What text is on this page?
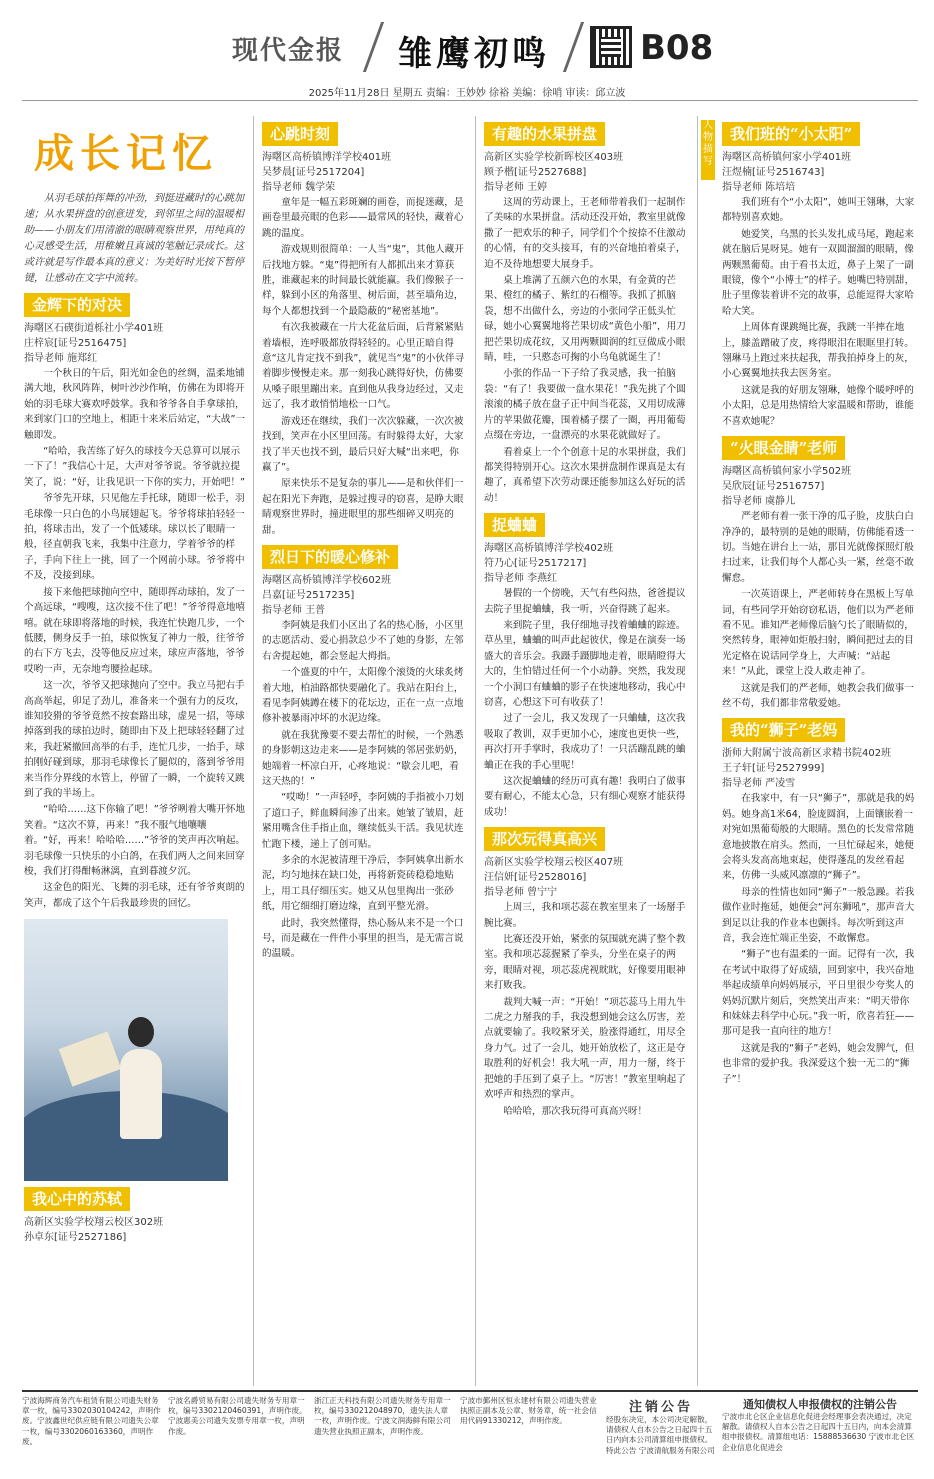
现代金报 雏鹰初鸣	B08
2025年11月28日 星期五 责编：王妙妙 徐裕 美编：徐哨 审读：邱立波
成长记忆
从羽毛球拍挥舞的冲劲，到挺进藏时的心跳加速；从水果拼盘的创意迸发，到邻里之间的温暖相助——小朋友们用清澈的眼睛观察世界，用纯真的心灵感受生活，用稚嫩且真诚的笔触记录成长。这或许就是写作最本真的意义：为美好时光按下暂停键，让感动在文字中流转。
金辉下的对决
海曙区石碶街道栎社小学401班
庄梓宸[证号2516475]
指导老师 施郑红

一个秋日的午后，阳光如金色的丝绸，温柔地铺满大地，秋风阵阵，树叶沙沙作响，仿佛在为即将开始的羽毛球大赛欢呼鼓掌。我和爷爷各自手拿球拍，来到家门口的空地上，相距十来米后站定，“大战”一触即发。

“哈哈，我苦练了好久的球技今天总算可以展示一下了！”我信心十足，大声对爷爷说。爷爷就拉提笑了，说：“好，让我见识一下你的实力，开始吧！”

爷爷先开球，只见他左手托球，随即一松手，羽毛球像一只白色的小鸟展翅起飞。爷爷将球拍轻轻一拍，将球击出，发了一个低矮球。球以长了眼睛一般，径直朝我飞来，我集中注意力，学着爷爷的样子，手向下往上一挑，回了一个网前小球。爷爷将中不及，没接到球。

接下来他把球抛向空中，随即挥动球拍，发了一个高远球，“嗖嗖，这次接不住了吧！”爷爷得意地嘻嘻。就在球即将落地的时候，我连忙快跑几步，一个低腰，侧身反手一拍，球似恢复了神力一般，往爷爷的右下方飞去，没等他反应过来，球应声落地，爷爷哎哟一声，无奈地弯腰捡起球。

这一次，爷爷又把球抛向了空中。我立马把右手高高举起，卯足了劲儿，准备来一个强有力的反攻，谁知狡猾的爷爷竟然不按套路出球，虚晃一招，等球掉落到我的球拍边时，随即由下及上把球轻轻翻了过来，我赶紧撤回高举的右手，连忙几步，一抬手，球拍刚好碰到球，那羽毛球像长了腿似的，落到爷爷用来当作分界线的水管上，停留了一瞬，一个旋转又跳到了我的半场上。

“哈哈……这下你输了吧！”爷爷咧着大嘴开怀地笑着。“这次不算，再来！”我不服气地嚷嚷着。“好，再来！哈哈哈……”爷爷的笑声再次响起。羽毛球像一只快乐的小白鸽，在我们两人之间来回穿梭，我们打得酣畅淋漓，直到暮渡夕沉。

这金色的阳光、飞舞的羽毛球，还有爷爷爽朗的笑声，都成了这个午后我最珍贵的回忆。

我心中的苏轼
高新区实验学校翔云校区302班
孙卓东[证号2527186]
心跳时刻
海曙区高桥镇博洋学校401班
吴梦晨[证号2517204]
指导老师 魏学荣

童年是一幅五彩斑斓的画卷，而捉迷藏，是画卷里最亮眼的色彩——最常风的轻快，藏着心跳的温度。

游戏规则很简单：一人当“鬼”，其他人藏开后找地方躲。“鬼”得把所有人都抓出来才算获胜，谁藏起来的时间最长就能赢。我们像猴子一样，躲到小区的角落里、树后面，甚至墙角边，每个人都想找到一个最隐蔽的“秘密基地”。

有次我被藏在一片大花盆后面，后背紧紧贴着墙根，连呼吸都放得轻轻的。心里正暗自得意“这儿肯定找不到我”，就见当“鬼”的小伙伴寻着脚步慢慢走来。那一刻我心跳得好快，仿佛要从嗓子眼里蹦出来。直到他从我身边经过，又走远了，我才敢悄悄地松一口气。

游戏还在继续，我们一次次躲藏，一次次被找到，笑声在小区里回荡。有时躲得太好，大家找了半天也找不到，最后只好大喊“出来吧，你赢了”。

原来快乐不是复杂的事儿——是和伙伴们一起在阳光下奔跑，是躲过搜寻的窃喜，是睁大眼睛观察世界时，撞进眼里的那些细碎又明亮的甜。

烈日下的暖心修补
海曙区高桥镇博洋学校602班
吕嘉[证号2517235]
指导老师 王普

李阿姨是我们小区出了名的热心肠，小区里的志愿活动、爱心捐款总少不了她的身影，左邻右舍提起她，都会竖起大拇指。

一个盛夏的中午，太阳像个滚烫的火球炙烤着大地，柏油路都快要融化了。我站在阳台上，看见李阿姨蹲在楼下的花坛边，正在一点一点地修补被暴雨冲坏的水泥边缘。

就在我犹豫要不要去帮忙的时候，一个熟悉的身影朝这边走来——是李阿姨的邻居张奶奶，她端着一杯凉白开，心疼地说：“歇会儿吧，看这天热的！”

“哎呦！”一声轻呼，李阿姨的手指被小刀划了道口子，鲜血瞬间渗了出来。她皱了皱眉，赶紧用嘴含住手指止血，继续低头干活。我见状连忙跑下楼，递上了创可贴。

多余的水泥被清理干净后，李阿姨拿出新水泥，均匀地抹在缺口处，再将新瓷砖稳稳地贴上，用工具仔细压实。她又从包里掏出一张砂纸，用它细细打磨边缘，直到平整光滑。

此时，我突然懂得，热心肠从来不是一个口号，而是藏在一件件小事里的担当，是无需言说的温暖。

有趣的水果拼盘
高新区实验学校新晖校区403班
顾予楷[证号2527688]
指导老师 王婷

这周的劳动课上，王老师带着我们一起制作了美味的水果拼盘。活动还没开始，教室里就像撒了一把欢乐的种子，同学们个个按捺不住激动的心情，有的交头接耳，有的兴奋地拍着桌子，迫不及待地想要大展身手。

桌上堆满了五颜六色的水果，有金黄的芒果、橙红的橘子、紫红的石榴等。我抓了抓脑袋，想不出做什么，旁边的小张同学正低头忙碌，她小心翼翼地将芒果切成“黄色小船”，用刀把芒果切成花纹，又用两颗圆润的红豆做成小眼睛，哇，一只憨态可掬的小乌龟就诞生了！

小张的作品一下子给了我灵感，我一拍脑袋：“有了！我要做一盘水果花！”我先挑了个圆滚滚的橘子放在盘子正中间当花蕊，又用切成薄片的苹果做花瓣，围着橘子摆了一圈，再用葡萄点缀在旁边，一盘漂亮的水果花就做好了。

看着桌上一个个创意十足的水果拼盘，我们都笑得特别开心。这次水果拼盘制作课真是太有趣了，真希望下次劳动课还能参加这么好玩的活动！

捉蛐蛐
海曙区高桥镇博洋学校402班
符乃心[证号2517217]
指导老师 李燕红

暑假的一个傍晚，天气有些闷热，爸爸提议去院子里捉蛐蛐，我一听，兴奋得跳了起来。

来到院子里，我仔细地寻找着蛐蛐的踪迹。草丛里，蛐蛐的叫声此起彼伏，像是在演奏一场盛大的音乐会。我蹑手蹑脚地走着，眼睛瞪得大大的，生怕错过任何一个小动静。突然，我发现一个小洞口有蛐蛐的影子在快速地移动，我心中窃喜，心想这下可有收获了！

过了一会儿，我又发现了一只蛐蛐，这次我吸取了教训，双手更加小心，速度也更快一些，再次打开手掌时，我成功了！一只活蹦乱跳的蛐蛐正在我的手心里呢！

这次捉蛐蛐的经历可真有趣！我明白了做事要有耐心，不能太心急，只有细心观察才能获得成功！

那次玩得真高兴
高新区实验学校翔云校区407班
汪信妍[证号2528016]
指导老师 曾宁宁

上周三，我和项芯蕊在教室里来了一场掰手腕比赛。

比赛还没开始，紧张的氛围就充满了整个教室。我和项芯蕊握紧了拳头，分坐在桌子的两旁，眼睛对视，项芯蕊虎视眈眈，好像要用眼神来打败我。

裁判大喊一声：“开始！”项芯蕊马上用九牛二虎之力掰我的手，我没想到她会这么厉害，差点就要输了。我咬紧牙关，脸涨得通红，用尽全身力气。过了一会儿，她开始放松了，这正是夺取胜利的好机会！我大吼一声，用力一掰，终于把她的手压到了桌子上。“厉害！”教室里响起了欢呼声和热烈的掌声。

哈哈哈，那次我玩得可真高兴呀！

人物描写
我们班的“小太阳”
海曙区高桥镇何家小学401班
汪煜楠[证号2516743]
指导老师 陈培培

我们班有个“小太阳”，她叫王翎琳，大家都特别喜欢她。

她爱笑，乌黑的长头发扎成马尾，跑起来就在脑后晃呀晃。她有一双圆溜溜的眼睛，像两颗黑葡萄。由于看书太近，鼻子上架了一副眼镜，像个“小博士”的样子。她嘴巴特别甜，肚子里像装着讲不完的故事，总能逗得大家哈哈大笑。

上周体育课跳绳比赛，我跳一半摔在地上，膝盖蹭破了皮，疼得眼泪在眼眶里打转。翎琳马上跑过来扶起我，帮我拍掉身上的灰，小心翼翼地扶我去医务室。

这就是我的好朋友翎琳，她像个暖呼呼的小太阳，总是用热情给大家温暖和帮助，谁能不喜欢她呢？

“火眼金睛”老师
海曙区高桥镇何家小学502班
吴欣辰[证号2516757]
指导老师 虞静儿

严老师有着一张干净的瓜子脸，皮肤白白净净的，最特别的是她的眼睛，仿佛能看透一切。当她在讲台上一站，那目光就像探照灯般扫过来，让我们每个人都心头一紧，丝毫不敢懈怠。

一次英语课上，严老师转身在黑板上写单词，有些同学开始窃窃私语，他们以为严老师看不见。谁知严老师像后脑勺长了眼睛似的，突然转身，眼神如炬般扫射，瞬间把过去的目光定格在说话同学身上，大声喊：“站起来！”从此，课堂上没人敢走神了。

这就是我们的严老师，她教会我们做事一丝不苟，我们都非常敬爱她。

我的“狮子”老妈
浙师大附属宁波高新区求精书院402班
王子轩[证号2527999]
指导老师 严凌雪

在我家中，有一只“狮子”，那就是我的妈妈。她身高1米64，脸庞圆润，上面镶嵌着一对宛如黑葡萄般的大眼睛。黑色的长发常常随意地披散在肩头。然而，一旦忙碌起来，她便会将头发高高地束起，使得蓬乱的发丝看起来，仿佛一头威风凛凛的“狮子”。

母亲的性情也如同“狮子”一般急躁。若我做作业时拖延，她便会“河东狮吼”，那声音大到足以让我的作业本也颤抖。每次听到这声音，我会连忙端正坐姿，不敢懈怠。

“狮子”也有温柔的一面。记得有一次，我在考试中取得了好成绩，回到家中，我兴奋地举起成绩单向妈妈展示，平日里很少夸奖人的妈妈沉默片刻后，突然笑出声来：“明天带你和妹妹去科学中心玩。”我一听，欣喜若狂——那可是我一直向往的地方！

这就是我的“狮子”老妈，她会发脾气，但也非常的爱护我。我深爱这个独一无二的“狮子”！

宁波海辉商务汽车租赁有限公司遗失财务章一枚，编号3302030104242，声明作废。宁波鑫世纪供应链有限公司遗失公章一枚，编号3302060163360，声明作废。
宁波名爵贸易有限公司遗失财务专用章一枚，编号3302120460391，声明作废。宁波惠美公司遗失发票专用章一枚，声明作废。
浙江正天科技有限公司遗失财务专用章一枚，编号330212048970，遗失法人章一枚，声明作废。宁波文润海鲜有限公司遗失营业执照正副本，声明作废。
宁波市鄞州区恒永建材有限公司遗失营业执照正副本及公章、财务章，统一社会信用代码91330212，声明作废。
注销公告
经股东决定，本公司决定解散，请债权人自本公告之日起四十五日内向本公司清算组申报债权。特此公告 宁波清航服务有限公司
通知债权人申报债权的注销公告
宁波市北仑区企业信息化促进会经理事会表决通过，决定解散。请债权人自本公告之日起四十五日内，向本会清算组申报债权。清算组电话：15888536630 宁波市北仑区企业信息化促进会
